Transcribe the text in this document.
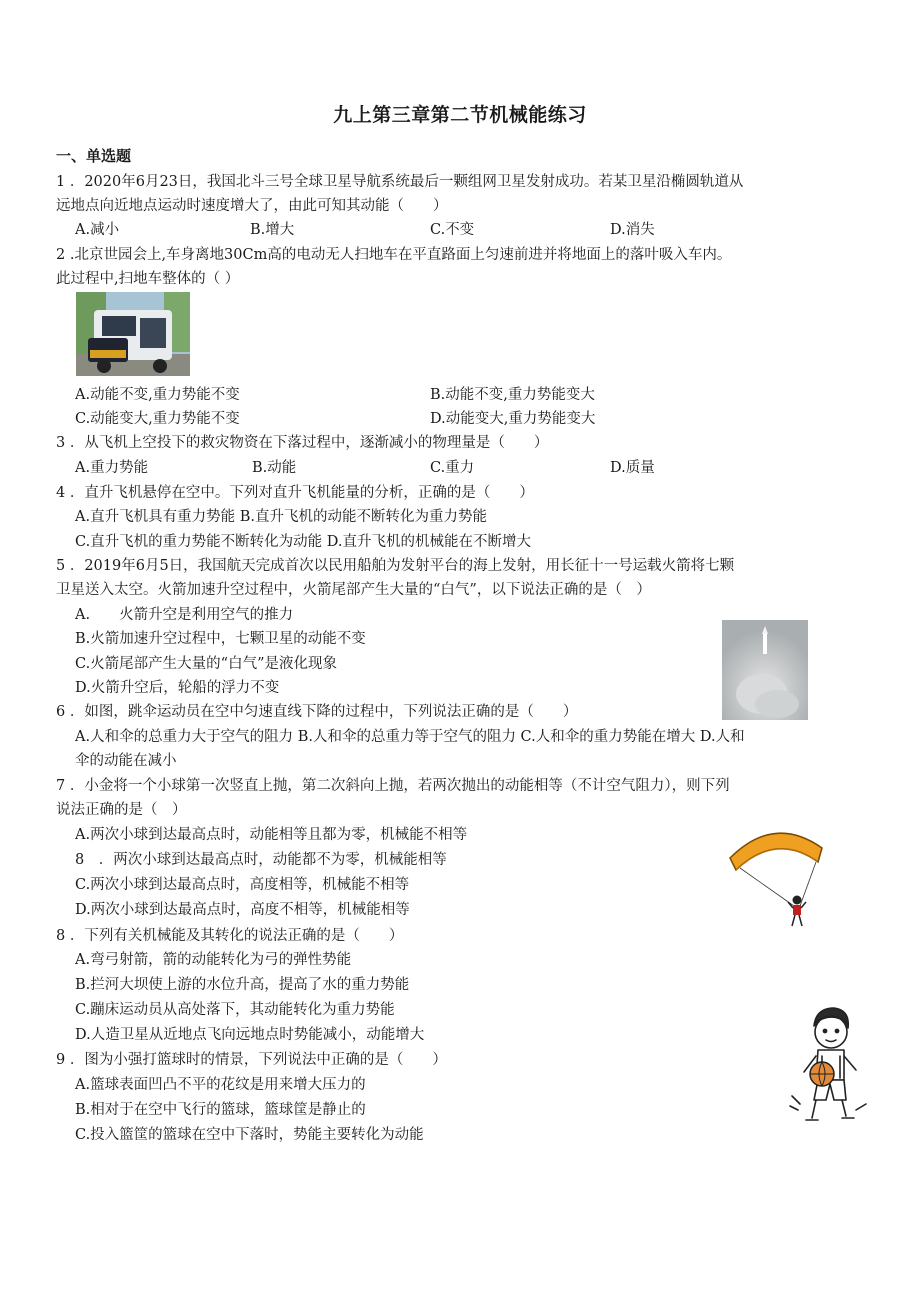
九上第三章第二节机械能练习
一、单选题
1 ．2020年6月23日，我国北斗三号全球卫星导航系统最后一颗组网卫星发射成功。若某卫星沿椭圆轨道从
远地点向近地点运动时速度增大了，由此可知其动能（　　）
A.减小	B.增大	C.不变	D.消失
2 .北京世园会上,车身离地30Cm高的电动无人扫地车在平直路面上匀速前进并将地面上的落叶吸入车内。
此过程中,扫地车整体的（ ）
A.动能不变,重力势能不变	B.动能不变,重力势能变大
C.动能变大,重力势能不变	D.动能变大,重力势能变大
3 ．从飞机上空投下的救灾物资在下落过程中，逐渐减小的物理量是（　　）
A.重力势能	B.动能	C.重力	D.质量
4 ．直升飞机悬停在空中。下列对直升飞机能量的分析，正确的是（　　）
A.直升飞机具有重力势能 B.直升飞机的动能不断转化为重力势能
C.直升飞机的重力势能不断转化为动能 D.直升飞机的机械能在不断增大
5 ．2019年6月5日，我国航天完成首次以民用船舶为发射平台的海上发射，用长征十一号运载火箭将七颗
卫星送入太空。火箭加速升空过程中，火箭尾部产生大量的“白气”，以下说法正确的是（　）
A.　　火箭升空是利用空气的推力
B.火箭加速升空过程中，七颗卫星的动能不变
C.火箭尾部产生大量的“白气”是液化现象
D.火箭升空后，轮船的浮力不变
6 ．如图，跳伞运动员在空中匀速直线下降的过程中，下列说法正确的是（　　）
A.人和伞的总重力大于空气的阻力 B.人和伞的总重力等于空气的阻力 C.人和伞的重力势能在增大 D.人和
伞的动能在减小
7 ．小金将一个小球第一次竖直上抛，第二次斜向上抛，若两次抛出的动能相等（不计空气阻力），则下列
说法正确的是（　）
A.两次小球到达最高点时，动能相等且都为零，机械能不相等
8　．两次小球到达最高点时，动能都不为零，机械能相等
C.两次小球到达最高点时，高度相等，机械能不相等
D.两次小球到达最高点时，高度不相等，机械能相等
8 ．下列有关机械能及其转化的说法正确的是（　　）
A.弯弓射箭，箭的动能转化为弓的弹性势能
B.拦河大坝使上游的水位升高，提高了水的重力势能
C.蹦床运动员从高处落下，其动能转化为重力势能
D.人造卫星从近地点飞向远地点时势能减小，动能增大
9 ．图为小强打篮球时的情景，下列说法中正确的是（　　）
A.篮球表面凹凸不平的花纹是用来增大压力的
B.相对于在空中飞行的篮球，篮球筐是静止的
C.投入篮筐的篮球在空中下落时，势能主要转化为动能
